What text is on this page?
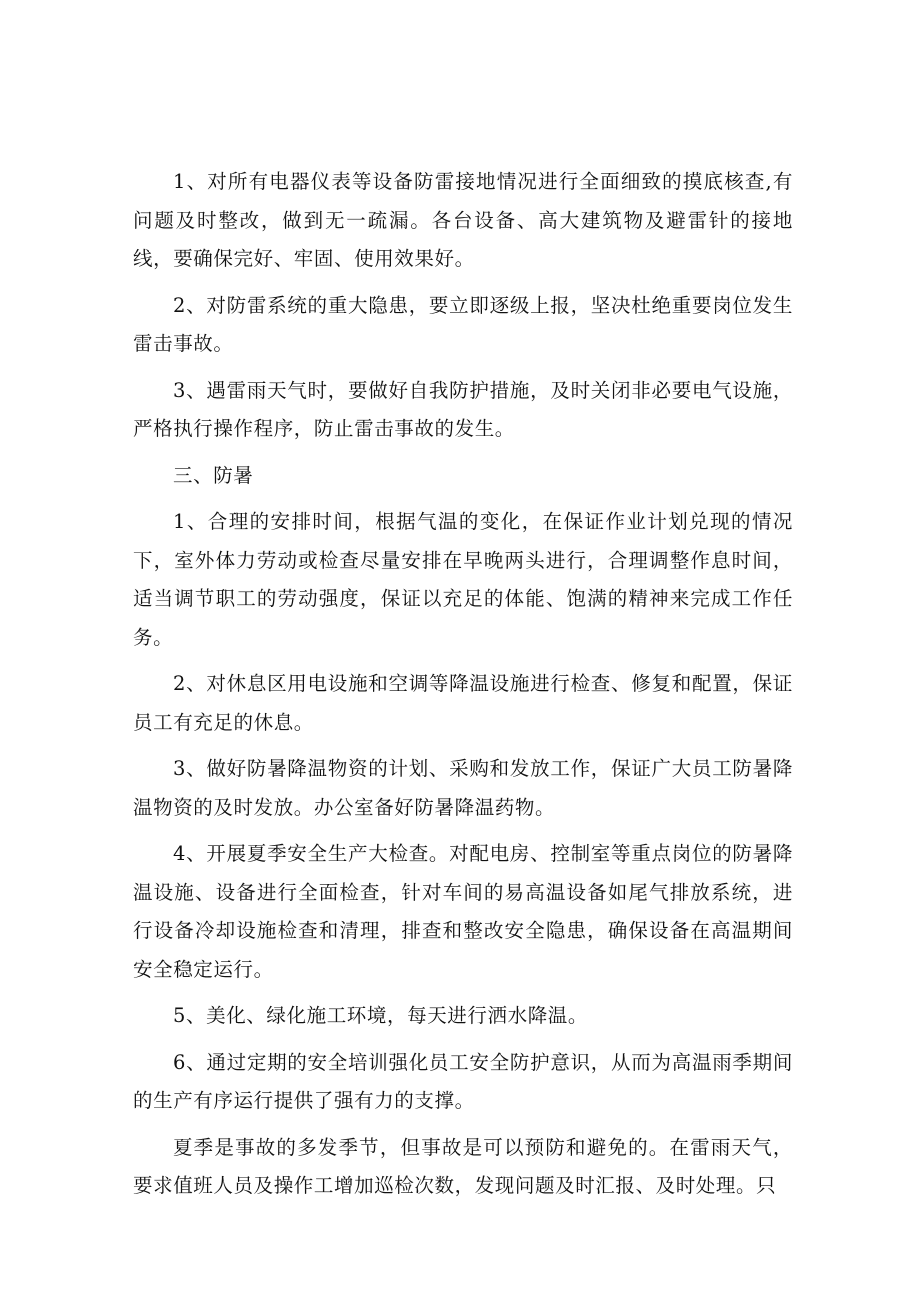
1、对所有电器仪表等设备防雷接地情况进行全面细致的摸底核查,有问题及时整改，做到无一疏漏。各台设备、高大建筑物及避雷针的接地线，要确保完好、牢固、使用效果好。

2、对防雷系统的重大隐患，要立即逐级上报，坚决杜绝重要岗位发生雷击事故。

3、遇雷雨天气时，要做好自我防护措施，及时关闭非必要电气设施，严格执行操作程序，防止雷击事故的发生。

三、防暑

1、合理的安排时间，根据气温的变化，在保证作业计划兑现的情况下，室外体力劳动或检查尽量安排在早晚两头进行，合理调整作息时间，适当调节职工的劳动强度，保证以充足的体能、饱满的精神来完成工作任务。

2、对休息区用电设施和空调等降温设施进行检查、修复和配置，保证员工有充足的休息。

3、做好防暑降温物资的计划、采购和发放工作，保证广大员工防暑降温物资的及时发放。办公室备好防暑降温药物。

4、开展夏季安全生产大检查。对配电房、控制室等重点岗位的防暑降温设施、设备进行全面检查，针对车间的易高温设备如尾气排放系统，进行设备冷却设施检查和清理，排查和整改安全隐患，确保设备在高温期间安全稳定运行。

5、美化、绿化施工环境，每天进行洒水降温。

6、通过定期的安全培训强化员工安全防护意识，从而为高温雨季期间的生产有序运行提供了强有力的支撑。

夏季是事故的多发季节，但事故是可以预防和避免的。在雷雨天气，要求值班人员及操作工增加巡检次数，发现问题及时汇报、及时处理。只
